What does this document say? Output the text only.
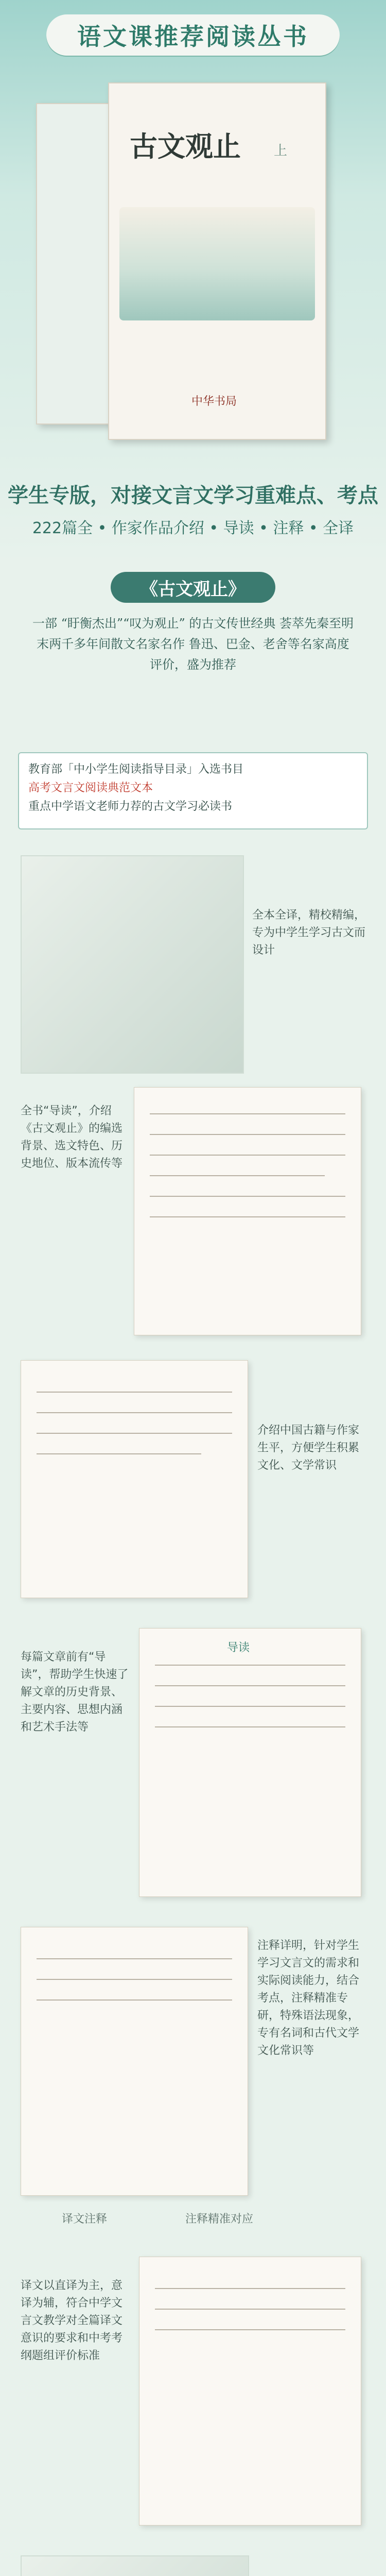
语文课推荐阅读丛书
古文观止 上
中华书局
学生专版，对接文言文学习重难点、考点
222篇全 • 作家作品介绍 • 导读 • 注释 • 全译
《古文观止》
一部 “盱衡杰出”“叹为观止” 的古文传世经典 荟萃先秦至明末两千多年间散文名家名作 鲁迅、巴金、老舍等名家高度评价，盛为推荐
教育部「中小学生阅读指导目录」入选书目
高考文言文阅读典范文本
重点中学语文老师力荐的古文学习必读书
全本全译，精校精编，专为中学生学习古文而设计
全书“导读”，介绍《古文观止》的编选背景、选文特色、历史地位、版本流传等
介绍中国古籍与作家生平，方便学生积累文化、文学常识
每篇文章前有“导读”，帮助学生快速了解文章的历史背景、主要内容、思想内涵和艺术手法等
导读
注释详明，针对学生学习文言文的需求和实际阅读能力，结合考点，注释精准专研，特殊语法现象，专有名词和古代文学文化常识等
译文注释	注释精准对应
译文以直译为主，意译为辅，符合中学文言文教学对全篇译文意识的要求和中考考纲题组评价标准
